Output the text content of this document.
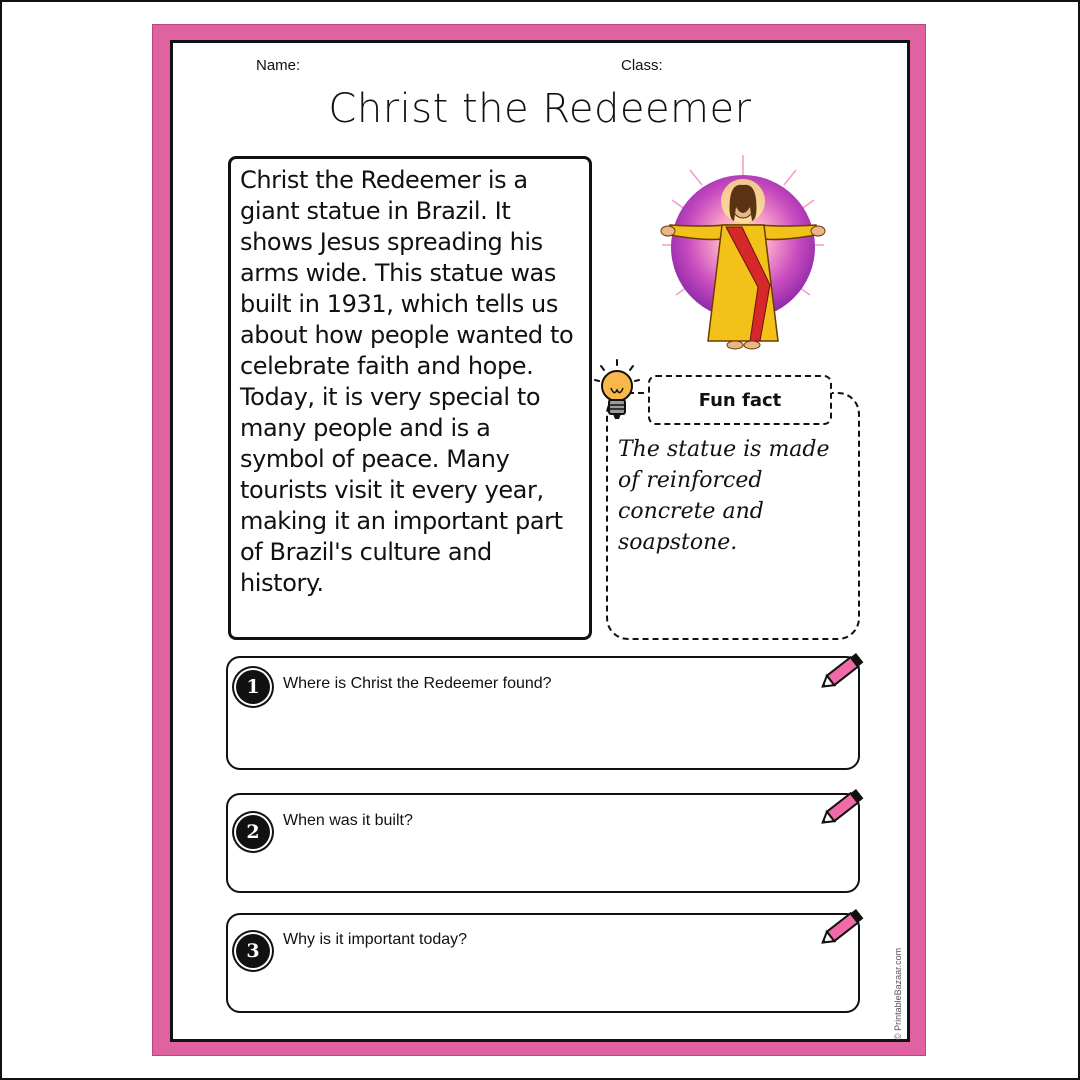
Name:	Class:
Christ the Redeemer

Christ the Redeemer is a giant statue in Brazil. It shows Jesus spreading his arms wide. This statue was built in 1931, which tells us about how people wanted to celebrate faith and hope. Today, it is very special to many people and is a symbol of peace. Many tourists visit it every year, making it an important part of Brazil's culture and history.

Fun fact

The statue is made of reinforced concrete and soapstone.

1	Where is Christ the Redeemer found?
2
When was it built?
3
Why is it important today?
© PrintableBazaar.com
